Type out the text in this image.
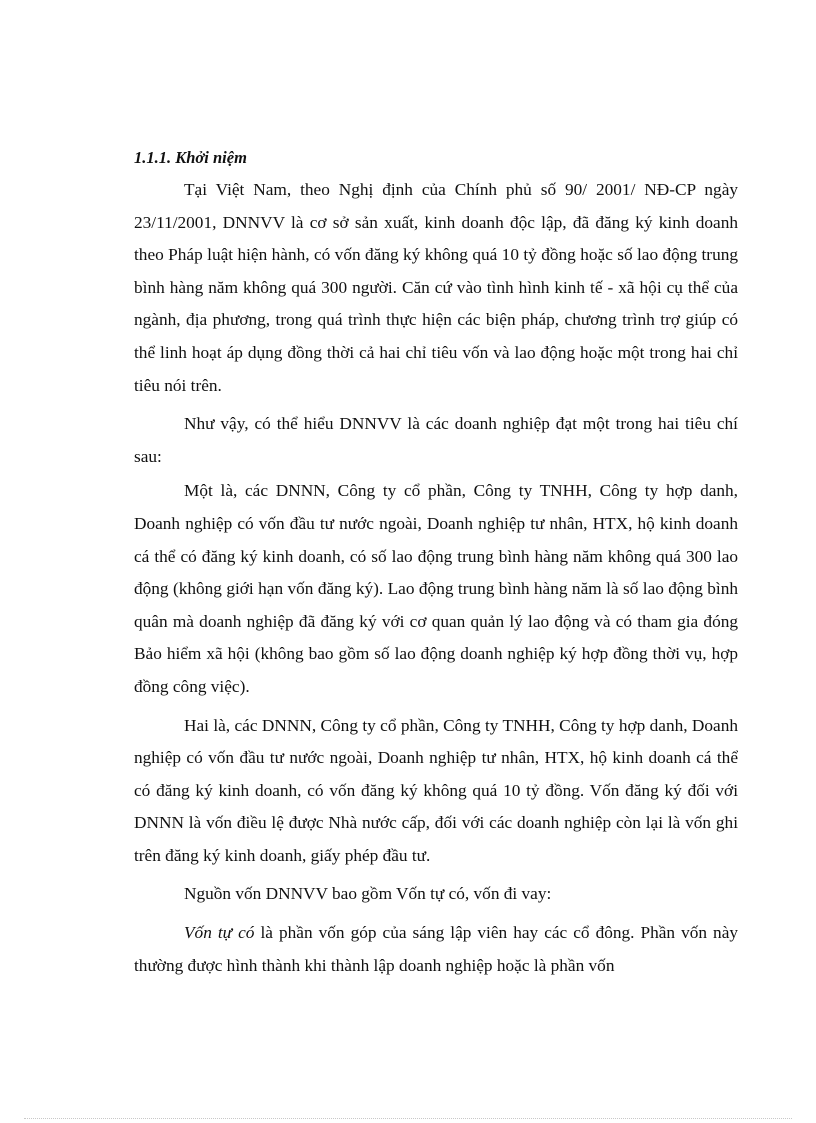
1.1.1. Khởi niệm

Tại Việt Nam, theo Nghị định của Chính phủ số 90/ 2001/ NĐ-CP ngày 23/11/2001, DNNVV là cơ sở sản xuất, kinh doanh độc lập, đã đăng ký kinh doanh theo Pháp luật hiện hành, có vốn đăng ký không quá 10 tỷ đồng hoặc số lao động trung bình hàng năm không quá 300 người. Căn cứ vào tình hình kinh tế - xã hội cụ thể của ngành, địa phương, trong quá trình thực hiện các biện pháp, chương trình trợ giúp có thể linh hoạt áp dụng đồng thời cả hai chỉ tiêu vốn và lao động hoặc một trong hai chỉ tiêu nói trên.

Như vậy, có thể hiểu DNNVV là các doanh nghiệp đạt một trong hai tiêu chí sau:

Một là, các DNNN, Công ty cổ phần, Công ty TNHH, Công ty hợp danh, Doanh nghiệp có vốn đầu tư nước ngoài, Doanh nghiệp tư nhân, HTX, hộ kinh doanh cá thể có đăng ký kinh doanh, có số lao động trung bình hàng năm không quá 300 lao động (không giới hạn vốn đăng ký). Lao động trung bình hàng năm là số lao động bình quân mà doanh nghiệp đã đăng ký với cơ quan quản lý lao động và có tham gia đóng Bảo hiểm xã hội (không bao gồm số lao động doanh nghiệp ký hợp đồng thời vụ, hợp đồng công việc).

Hai là, các DNNN, Công ty cổ phần, Công ty TNHH, Công ty hợp danh, Doanh nghiệp có vốn đầu tư nước ngoài, Doanh nghiệp tư nhân, HTX, hộ kinh doanh cá thể có đăng ký kinh doanh, có vốn đăng ký không quá 10 tỷ đồng. Vốn đăng ký đối với DNNN là vốn điều lệ được Nhà nước cấp, đối với các doanh nghiệp còn lại là vốn ghi trên đăng ký kinh doanh, giấy phép đầu tư.

Nguồn vốn DNNVV bao gồm Vốn tự có, vốn đi vay:

Vốn tự có là phần vốn góp của sáng lập viên hay các cổ đông. Phần vốn này thường được hình thành khi thành lập doanh nghiệp hoặc là phần vốn
